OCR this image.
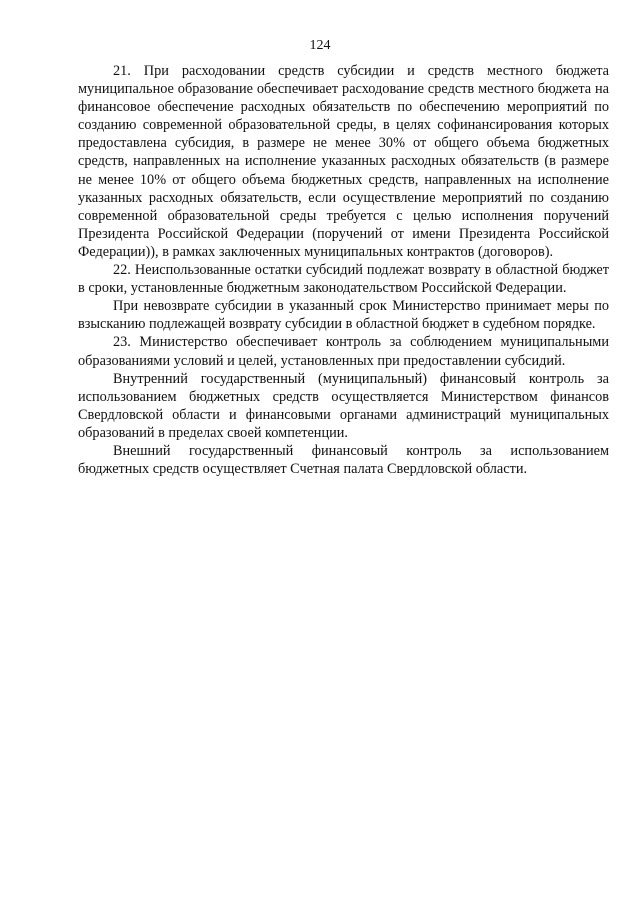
124

21. При расходовании средств субсидии и средств местного бюджета муниципальное образование обеспечивает расходование средств местного бюджета на финансовое обеспечение расходных обязательств по обеспечению мероприятий по созданию современной образовательной среды, в целях софинансирования которых предоставлена субсидия, в размере не менее 30% от общего объема бюджетных средств, направленных на исполнение указанных расходных обязательств (в размере не менее 10% от общего объема бюджетных средств, направленных на исполнение указанных расходных обязательств, если осуществление мероприятий по созданию современной образовательной среды требуется с целью исполнения поручений Президента Российской Федерации (поручений от имени Президента Российской Федерации)), в рамках заключенных муниципальных контрактов (договоров).

22. Неиспользованные остатки субсидий подлежат возврату в областной бюджет в сроки, установленные бюджетным законодательством Российской Федерации.

При невозврате субсидии в указанный срок Министерство принимает меры по взысканию подлежащей возврату субсидии в областной бюджет в судебном порядке.

23. Министерство обеспечивает контроль за соблюдением муниципальными образованиями условий и целей, установленных при предоставлении субсидий.

Внутренний государственный (муниципальный) финансовый контроль за использованием бюджетных средств осуществляется Министерством финансов Свердловской области и финансовыми органами администраций муниципальных образований в пределах своей компетенции.

Внешний государственный финансовый контроль за использованием бюджетных средств осуществляет Счетная палата Свердловской области.
